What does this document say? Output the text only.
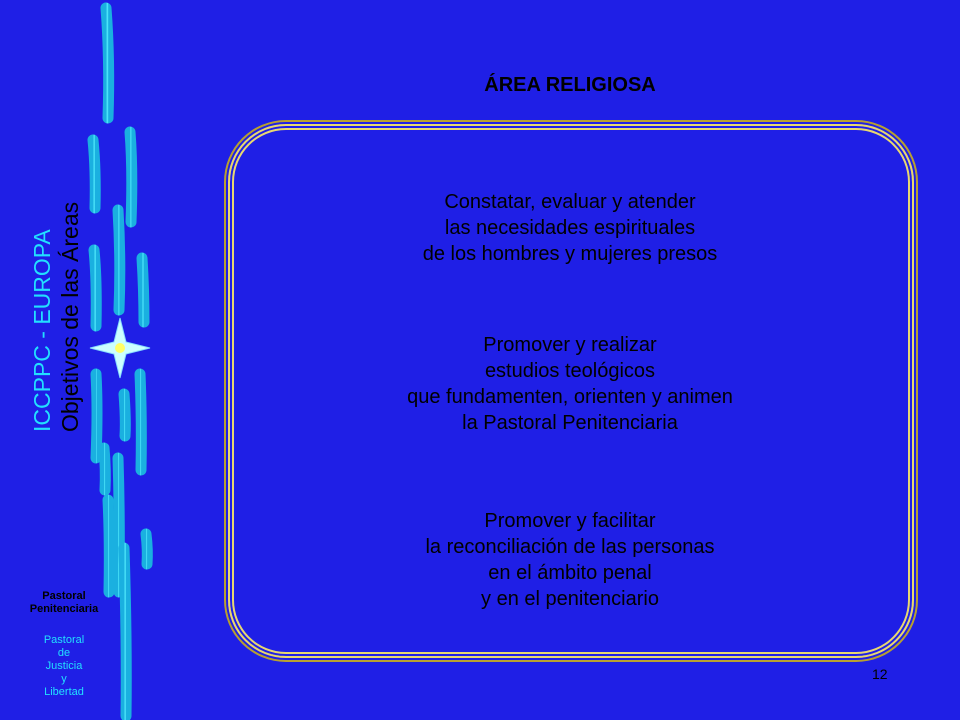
ICCPPC - EUROPA Objetivos de las Áreas
Pastoral
Penitenciaria
Pastoral
de
Justicia
y
Libertad
ÁREA RELIGIOSA
Constatar, evaluar y atender
las necesidades espirituales
de los hombres y mujeres presos
Promover y realizar
estudios teológicos
que fundamenten, orienten y animen
la Pastoral Penitenciaria
Promover y facilitar
la reconciliación de las personas
en el ámbito penal
y en el penitenciario
12
